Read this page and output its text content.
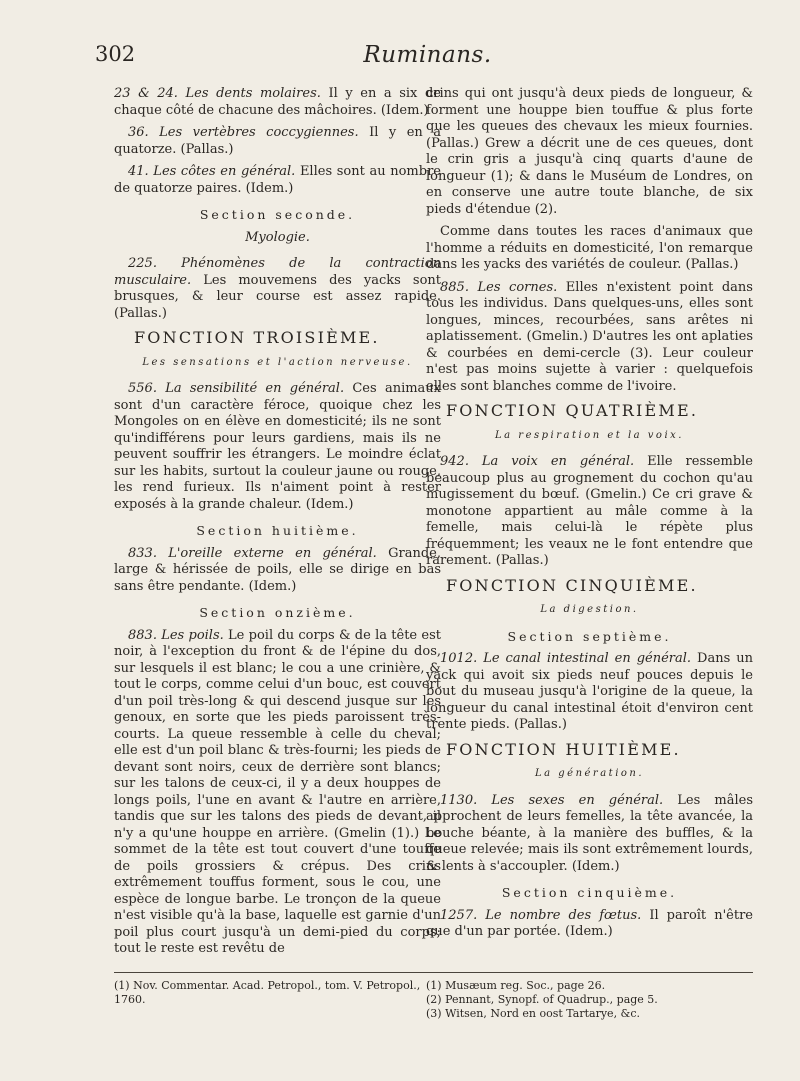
302	Ruminans.

23 & 24. Les dents molaires. Il y en a six de chaque côté de chacune des mâchoires. (Idem.)

36. Les vertèbres coccygiennes. Il y en a quatorze. (Pallas.)

41. Les côtes en général. Elles sont au nombre de quatorze paires. (Idem.)

Section seconde.
Myologie.

225. Phénomènes de la contraction musculaire. Les mouvemens des yacks sont brusques, & leur course est assez rapide. (Pallas.)

FONCTION TROISIÈME.
Les sensations et l'action nerveuse.

556. La sensibilité en général. Ces animaux sont d'un caractère féroce, quoique chez les Mongoles on en élève en domesticité; ils ne sont qu'indifférens pour leurs gardiens, mais ils ne peuvent souffrir les étrangers. Le moindre éclat sur les habits, surtout la couleur jaune ou rouge, les rend furieux. Ils n'aiment point à rester exposés à la grande chaleur. (Idem.)

Section huitième.

833. L'oreille externe en général. Grande, large & hérissée de poils, elle se dirige en bas sans être pendante. (Idem.)

Section onzième.

883. Les poils. Le poil du corps & de la tête est noir, à l'exception du front & de l'épine du dos, sur lesquels il est blanc; le cou a une crinière, & tout le corps, comme celui d'un bouc, est couvert d'un poil très-long & qui descend jusque sur les genoux, en sorte que les pieds paroissent très-courts. La queue ressemble à celle du cheval; elle est d'un poil blanc & très-fourni; les pieds de devant sont noirs, ceux de derrière sont blancs; sur les talons de ceux-ci, il y a deux houppes de longs poils, l'une en avant & l'autre en arrière, tandis que sur les talons des pieds de devant, il n'y a qu'une houppe en arrière. (Gmelin (1).) Le sommet de la tête est tout couvert d'une touffe de poils grossiers & crépus. Des crins extrêmement touffus forment, sous le cou, une espèce de longue barbe. Le tronçon de la queue n'est visible qu'à la base, laquelle est garnie d'un poil plus court jusqu'à un demi-pied du corps; tout le reste est revêtu de

crins qui ont jusqu'à deux pieds de longueur, & forment une houppe bien touffue & plus forte que les queues des chevaux les mieux fournies. (Pallas.) Grew a décrit une de ces queues, dont le crin gris a jusqu'à cinq quarts d'aune de longueur (1); & dans le Muséum de Londres, on en conserve une autre toute blanche, de six pieds d'étendue (2).

Comme dans toutes les races d'animaux que l'homme a réduits en domesticité, l'on remarque dans les yacks des variétés de couleur. (Pallas.)

885. Les cornes. Elles n'existent point dans tous les individus. Dans quelques-uns, elles sont longues, minces, recourbées, sans arêtes ni aplatissement. (Gmelin.) D'autres les ont aplaties & courbées en demi-cercle (3). Leur couleur n'est pas moins sujette à varier : quelquefois elles sont blanches comme de l'ivoire.

FONCTION QUATRIÈME.
La respiration et la voix.

942. La voix en général. Elle ressemble beaucoup plus au grognement du cochon qu'au mugissement du bœuf. (Gmelin.) Ce cri grave & monotone appartient au mâle comme à la femelle, mais celui-là le répète plus fréquemment; les veaux ne le font entendre que rarement. (Pallas.)

FONCTION CINQUIÈME.
La digestion.
Section septième.

1012. Le canal intestinal en général. Dans un yack qui avoit six pieds neuf pouces depuis le bout du museau jusqu'à l'origine de la queue, la longueur du canal intestinal étoit d'environ cent trente pieds. (Pallas.)

FONCTION HUITIÈME.
La génération.

1130. Les sexes en général. Les mâles approchent de leurs femelles, la tête avancée, la bouche béante, à la manière des buffles, & la queue relevée; mais ils sont extrêmement lourds, & lents à s'accoupler. (Idem.)

Section cinquième.

1257. Le nombre des fœtus. Il paroît n'être que d'un par portée. (Idem.)

(1) Nov. Commentar. Acad. Petropol., tom. V. Petropol., 1760.

(1) Musæum reg. Soc., page 26.

(2) Pennant, Synopf. of Quadrup., page 5.

(3) Witsen, Nord en oost Tartarye, &c.
